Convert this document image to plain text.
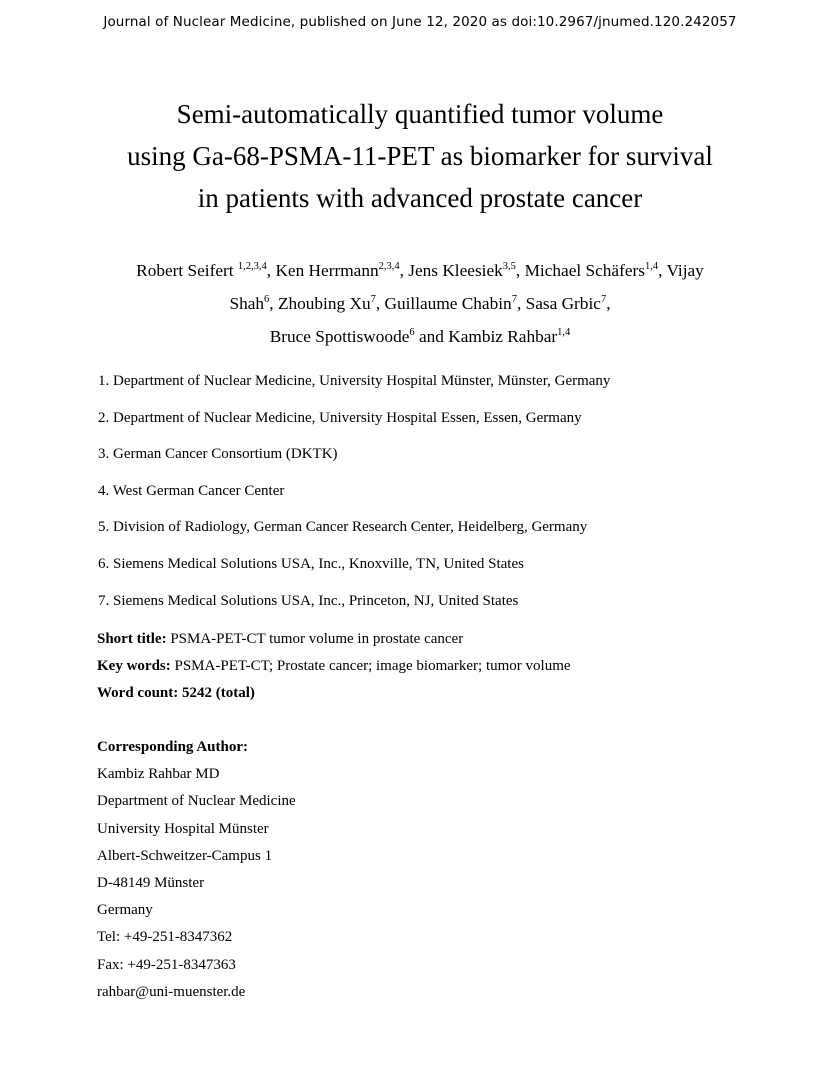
Journal of Nuclear Medicine, published on June 12, 2020 as doi:10.2967/jnumed.120.242057
Semi-automatically quantified tumor volume
using Ga-68-PSMA-11-PET as biomarker for survival
in patients with advanced prostate cancer
Robert Seifert $^{1,2,3,4}$, Ken Herrmann$^{2,3,4}$, Jens Kleesiek$^{3,5}$, Michael Schäfers$^{1,4}$, Vijay
Shah$^6$, Zhoubing Xu$^7$, Guillaume Chabin$^7$, Sasa Grbic$^7$,
Bruce Spottiswoode$^6$ and Kambiz Rahbar$^{1,4}$
1. Department of Nuclear Medicine, University Hospital Münster, Münster, Germany
2. Department of Nuclear Medicine, University Hospital Essen, Essen, Germany
3. German Cancer Consortium (DKTK)
4. West German Cancer Center
5. Division of Radiology, German Cancer Research Center, Heidelberg, Germany
6. Siemens Medical Solutions USA, Inc., Knoxville, TN, United States
7. Siemens Medical Solutions USA, Inc., Princeton, NJ, United States
Short title: PSMA-PET-CT tumor volume in prostate cancer
Key words: PSMA-PET-CT; Prostate cancer; image biomarker; tumor volume
Word count: 5242 (total)
Corresponding Author:
Kambiz Rahbar MD
Department of Nuclear Medicine
University Hospital Münster
Albert-Schweitzer-Campus 1
D-48149 Münster
Germany
Tel: +49-251-8347362
Fax: +49-251-8347363
rahbar@uni-muenster.de
